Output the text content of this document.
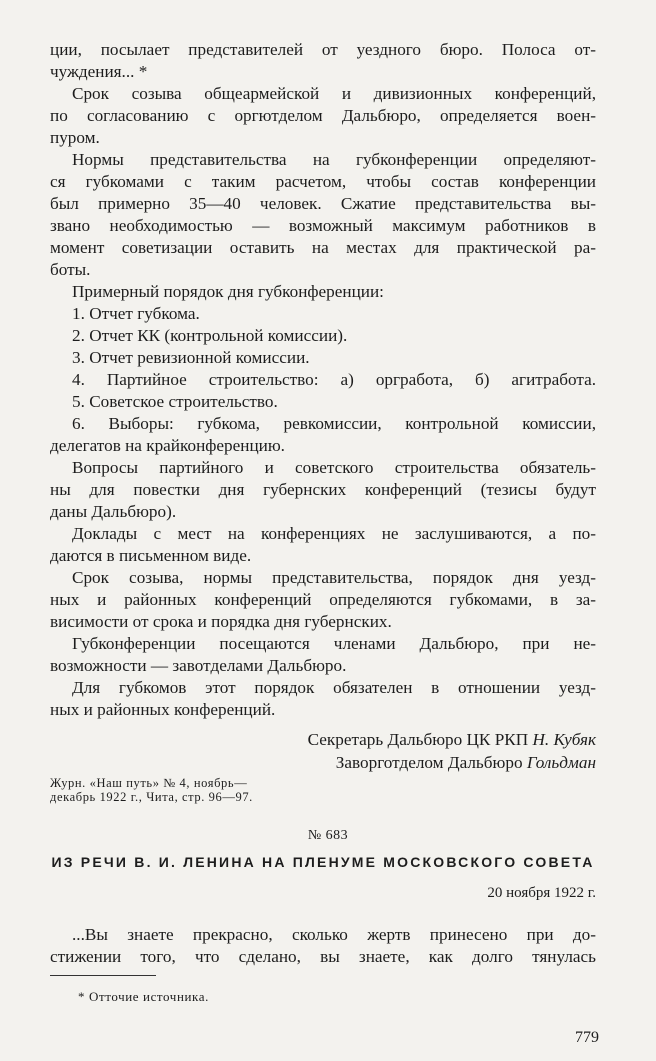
ции, посылает представителей от уездного бюро. Полоса от-
чуждения... *
Срок созыва общеармейской и дивизионных конференций,
по согласованию с оргютделом Дальбюро, определяется воен-
пуром.
Нормы представительства на губконференции определяют-
ся губкомами с таким расчетом, чтобы состав конференции
был примерно 35—40 человек. Сжатие представительства вы-
звано необходимостью — возможный максимум работников в
момент советизации оставить на местах для практической ра-
боты.
Примерный порядок дня губконференции:
1. Отчет губкома.
2. Отчет КК (контрольной комиссии).
3. Отчет ревизионной комиссии.
4. Партийное строительство: а) оргработа, б) агитработа.
5. Советское строительство.
6. Выборы: губкома, ревкомиссии, контрольной комиссии,
делегатов на крайконференцию.
Вопросы партийного и советского строительства обязатель-
ны для повестки дня губернских конференций (тезисы будут
даны Дальбюро).
Доклады с мест на конференциях не заслушиваются, а по-
даются в письменном виде.
Срок созыва, нормы представительства, порядок дня уезд-
ных и районных конференций определяются губкомами, в за-
висимости от срока и порядка дня губернских.
Губконференции посещаются членами Дальбюро, при не-
возможности — завотделами Дальбюро.
Для губкомов этот порядок обязателен в отношении уезд-
ных и районных конференций.
Секретарь Дальбюро ЦК РКП Н. Кубяк
Заворготделом Дальбюро Гольдман
Журн. «Наш путь» № 4, ноябрь—
декабрь 1922 г., Чита, стр. 96—97.
№ 683
ИЗ РЕЧИ В. И. ЛЕНИНА НА ПЛЕНУМЕ МОСКОВСКОГО СОВЕТА
20 ноября 1922 г.
...Вы знаете прекрасно, сколько жертв принесено при до-
стижении того, что сделано, вы знаете, как долго тянулась
* Отточие источника.
779
